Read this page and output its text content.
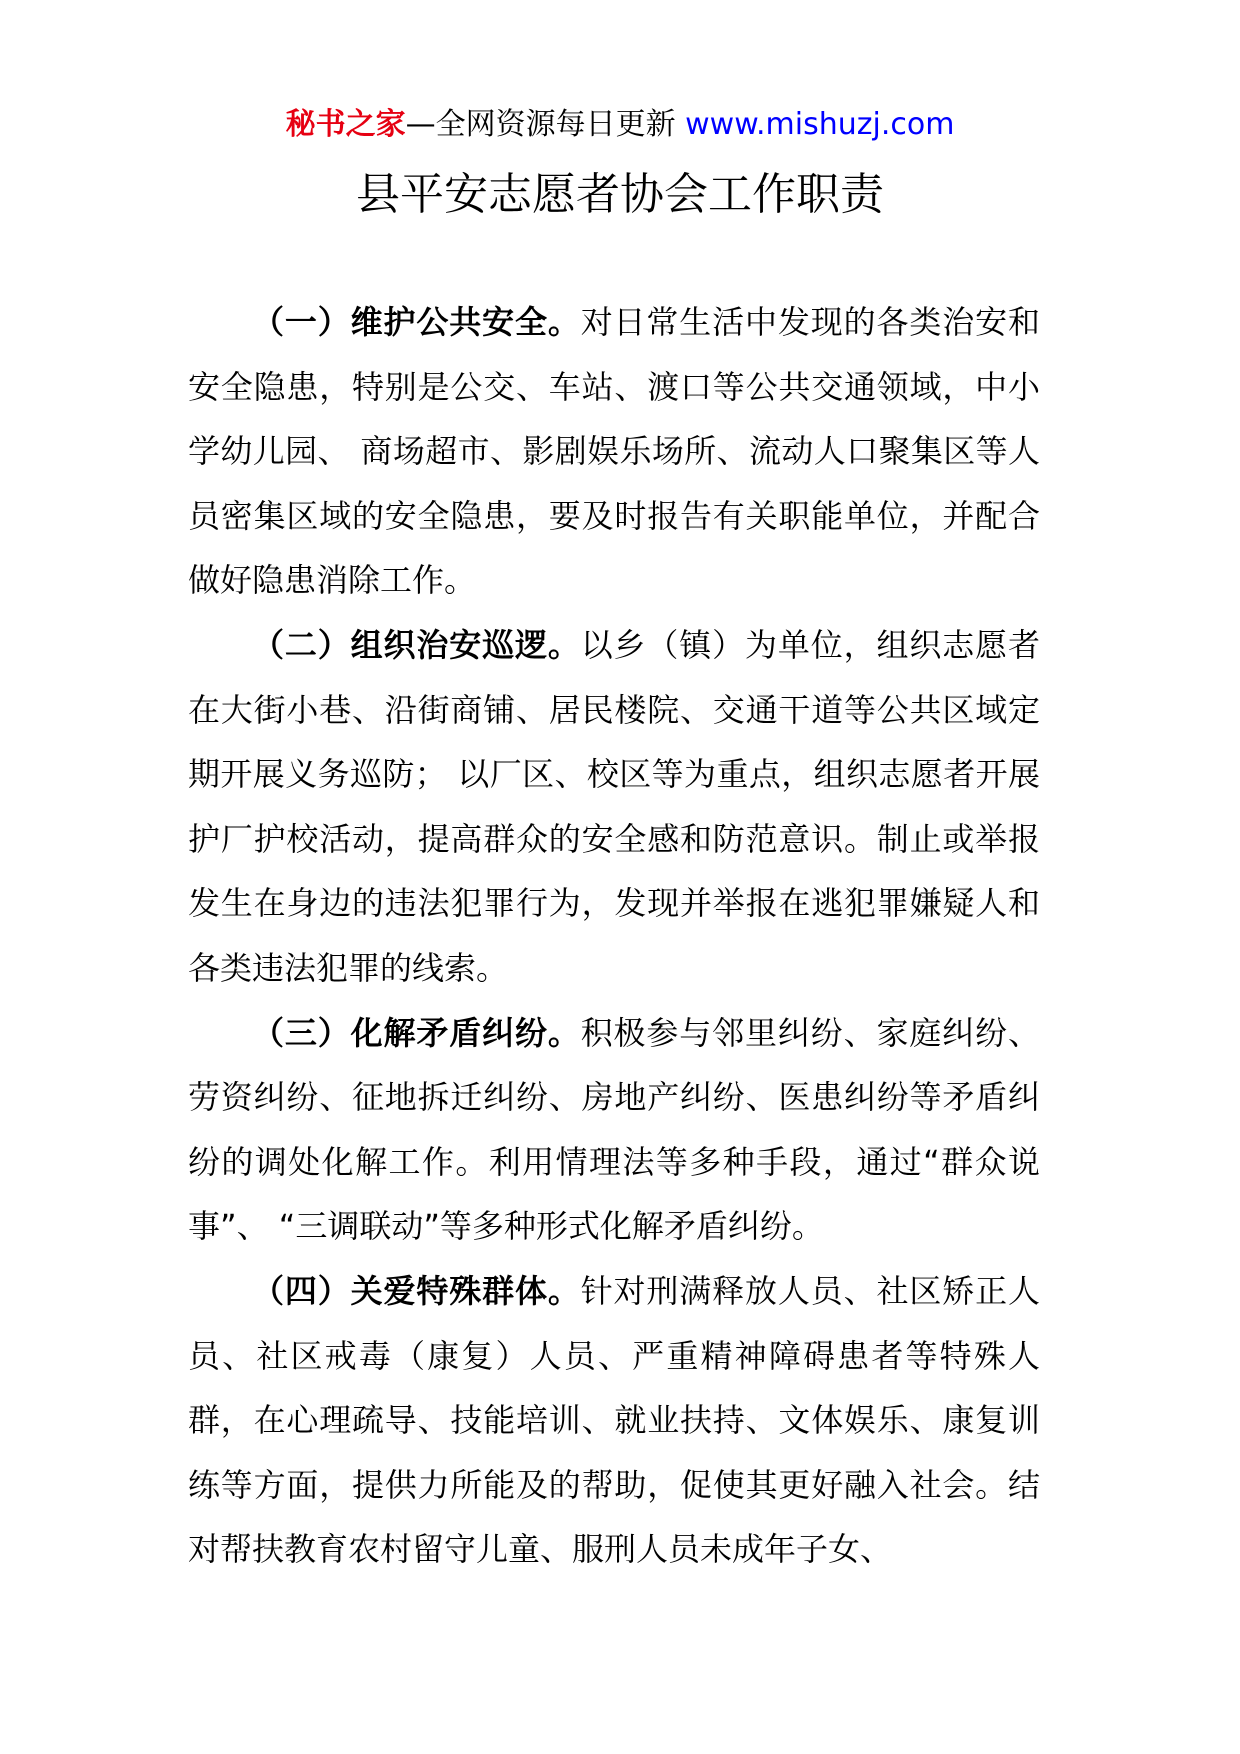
秘书之家—全网资源每日更新 www.mishuzj.com
县平安志愿者协会工作职责

（一）维护公共安全。对日常生活中发现的各类治安和安全隐患，特别是公交、车站、渡口等公共交通领域，中小学幼儿园、 商场超市、影剧娱乐场所、流动人口聚集区等人员密集区域的安全隐患，要及时报告有关职能单位，并配合做好隐患消除工作。

（二）组织治安巡逻。以乡（镇）为单位，组织志愿者在大街小巷、沿街商铺、居民楼院、交通干道等公共区域定期开展义务巡防； 以厂区、校区等为重点，组织志愿者开展护厂护校活动，提高群众的安全感和防范意识。制止或举报发生在身边的违法犯罪行为，发现并举报在逃犯罪嫌疑人和各类违法犯罪的线索。

（三）化解矛盾纠纷。积极参与邻里纠纷、家庭纠纷、劳资纠纷、征地拆迁纠纷、房地产纠纷、医患纠纷等矛盾纠纷的调处化解工作。利用情理法等多种手段，通过“群众说事”、 “三调联动”等多种形式化解矛盾纠纷。

（四）关爱特殊群体。针对刑满释放人员、社区矫正人员、社区戒毒（康复）人员、严重精神障碍患者等特殊人群，在心理疏导、技能培训、就业扶持、文体娱乐、康复训练等方面，提供力所能及的帮助，促使其更好融入社会。结对帮扶教育农村留守儿童、服刑人员未成年子女、
